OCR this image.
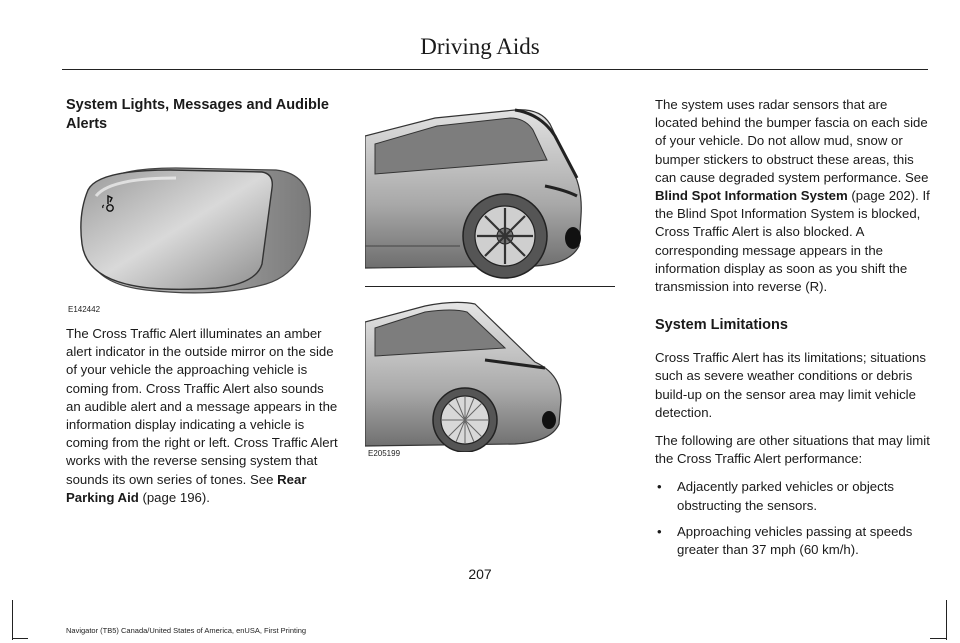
Driving Aids
System Lights, Messages and Audible Alerts
E142442

The Cross Traffic Alert illuminates an amber alert indicator in the outside mirror on the side of your vehicle the approaching vehicle is coming from. Cross Traffic Alert also sounds an audible alert and a message appears in the information display indicating a vehicle is coming from the right or left. Cross Traffic Alert works with the reverse sensing system that sounds its own series of tones. See Rear Parking Aid (page 196).

E205199

The system uses radar sensors that are located behind the bumper fascia on each side of your vehicle. Do not allow mud, snow or bumper stickers to obstruct these areas, this can cause degraded system performance. See Blind Spot Information System (page 202). If the Blind Spot Information System is blocked, Cross Traffic Alert is also blocked. A corresponding message appears in the information display as soon as you shift the transmission into reverse (R).

System Limitations

Cross Traffic Alert has its limitations; situations such as severe weather conditions or debris build-up on the sensor area may limit vehicle detection.

The following are other situations that may limit the Cross Traffic Alert performance:

• Adjacently parked vehicles or objects obstructing the sensors.
• Approaching vehicles passing at speeds greater than 37 mph (60 km/h).
207
Navigator (TB5) Canada/United States of America, enUSA, First Printing
